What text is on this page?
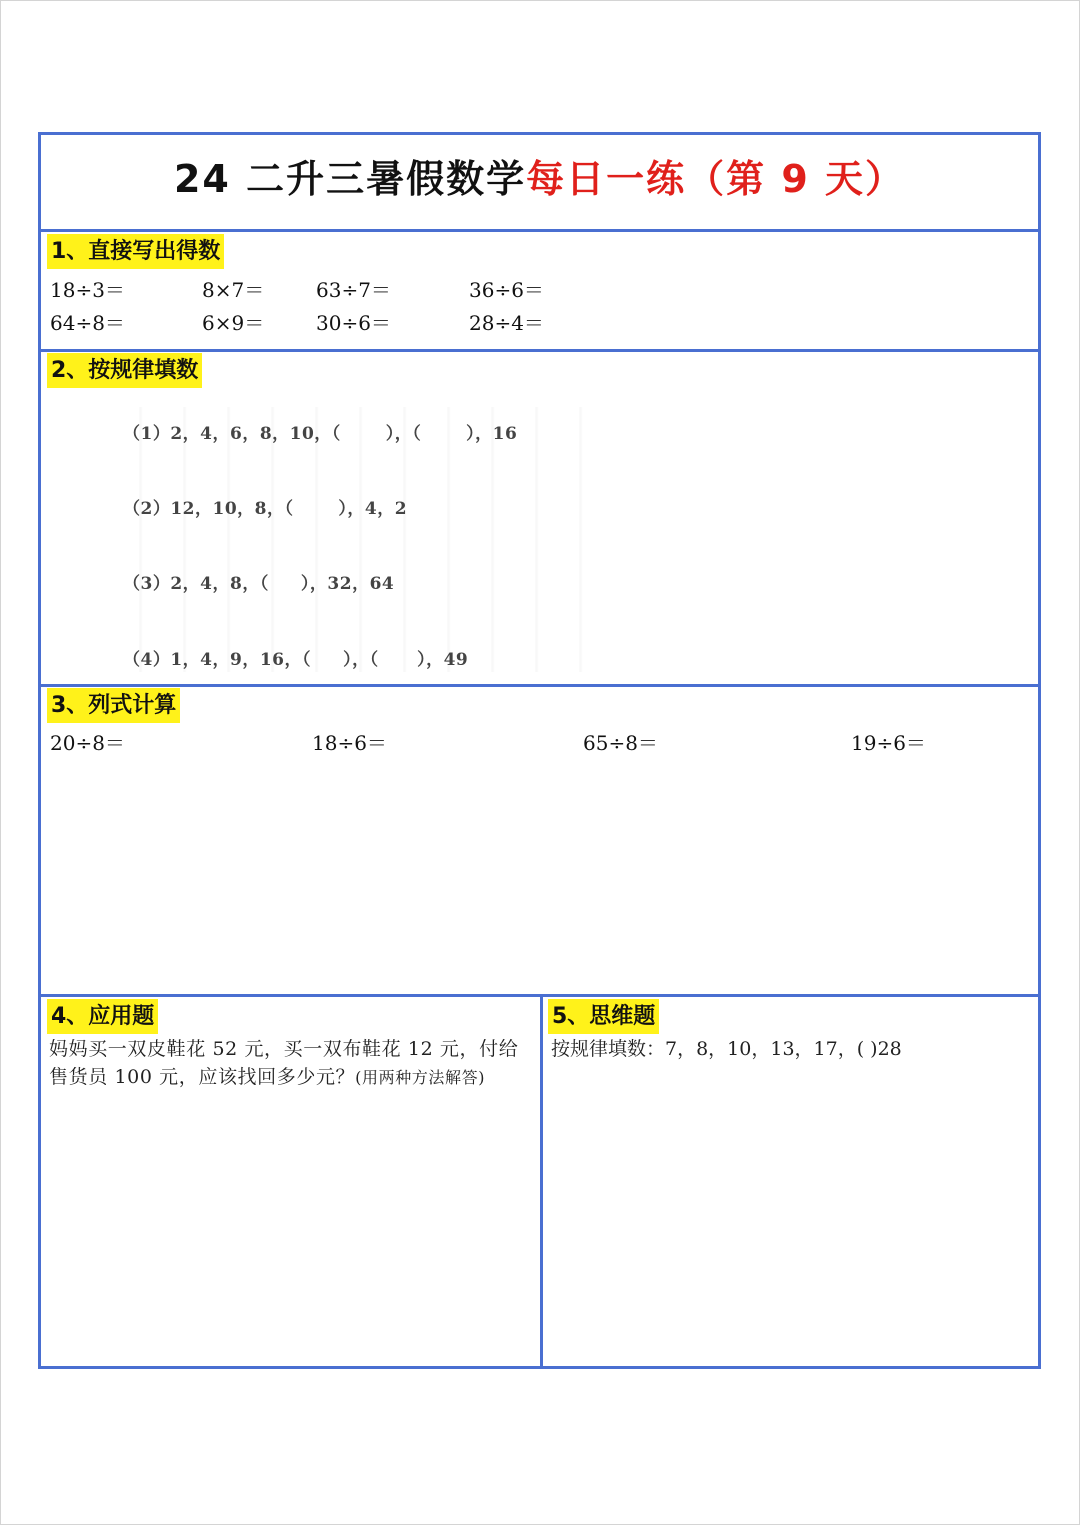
24 二升三暑假数学每日一练（第 9 天）
1、直接写出得数
18÷3＝	8×7＝	63÷7＝	36÷6＝
64÷8＝	6×9＝	30÷6＝	28÷4＝
2、按规律填数
（1）2，4，6，8，10，（       ），（       ），16
（2）12，10，8，（       ），4，2
（3）2，4，8，（     ），32，64
（4）1，4，9，16，（     ），（      ），49
3、列式计算
20÷8＝	18÷6＝	65÷8＝	19÷6＝
4、应用题
妈妈买一双皮鞋花 52 元，买一双布鞋花 12 元，付给售货员 100 元，应该找回多少元？(用两种方法解答)
5、思维题
按规律填数：7，8，10，13，17，( )28
